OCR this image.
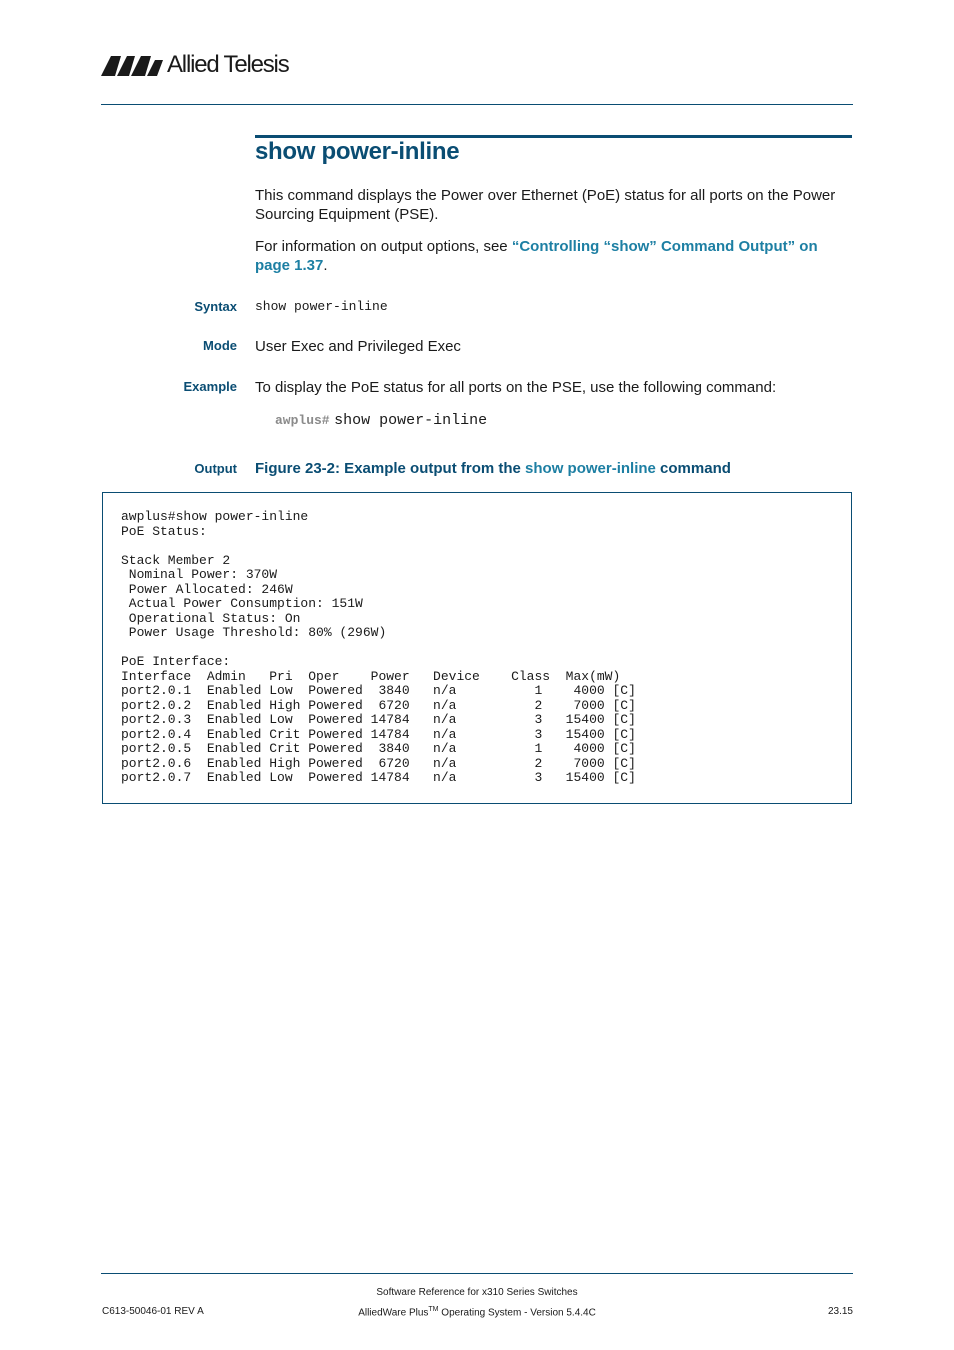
Allied Telesis
show power-inline
This command displays the Power over Ethernet (PoE) status for all ports on the Power Sourcing Equipment (PSE).
For information on output options, see “Controlling “show” Command Output” on page 1.37.
Syntax show power-inline
Mode User Exec and Privileged Exec
Example To display the PoE status for all ports on the PSE, use the following command:
awplus# show power-inline
Output Figure 23-2: Example output from the show power-inline command
awplus#show power-inline
PoE Status:

Stack Member 2
Nominal Power: 370W
Power Allocated: 246W
Actual Power Consumption: 151W
Operational Status: On
Power Usage Threshold: 80% (296W)

PoE Interface:
Interface  Admin   Pri  Oper    Power   Device    Class  Max(mW)
port2.0.1  Enabled Low  Powered  3840   n/a          1    4000 [C]
port2.0.2  Enabled High Powered  6720   n/a          2    7000 [C]
port2.0.3  Enabled Low  Powered 14784   n/a          3   15400 [C]
port2.0.4  Enabled Crit Powered 14784   n/a          3   15400 [C]
port2.0.5  Enabled Crit Powered  3840   n/a          1    4000 [C]
port2.0.6  Enabled High Powered  6720   n/a          2    7000 [C]
port2.0.7  Enabled Low  Powered 14784   n/a          3   15400 [C]
Software Reference for x310 Series Switches
AlliedWare Plus™ Operating System - Version 5.4.4C
C613-50046-01 REV A	23.15
